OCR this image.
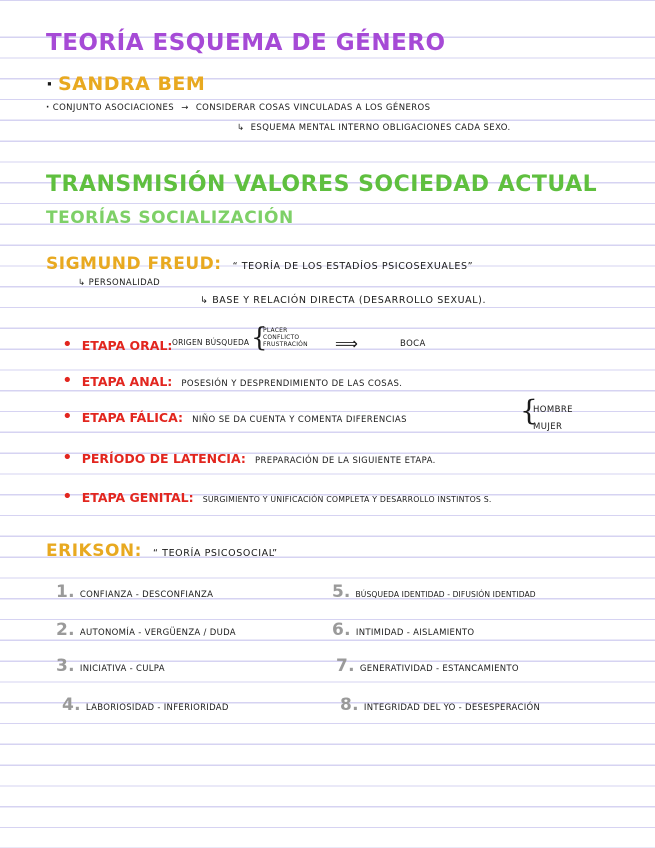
TEORÍA ESQUEMA DE GÉNERO
· SANDRA BEM
· CONJUNTO ASOCIACIONES → CONSIDERAR COSAS VINCULADAS A LOS GÉNEROS
↳ ESQUEMA MENTAL INTERNO OBLIGACIONES CADA SEXO.
TRANSMISIÓN VALORES SOCIEDAD ACTUAL
TEORÍAS SOCIALIZACIÓN
SIGMUND FREUD: “ TEORÍA DE LOS ESTADÍOS PSICOSEXUALES”
↳ PERSONALIDAD
↳ BASE Y RELACIÓN DIRECTA (DESARROLLO SEXUAL).
• ETAPA ORAL: ORIGEN BÚSQUEDA {
PLACER
CONFLICTO
FRUSTRACIÓN ⟹	BOCA
• ETAPA ANAL: POSESIÓN Y DESPRENDIMIENTO DE LAS COSAS.
• ETAPA FÁLICA: NIÑO SE DA CUENTA Y COMENTA DIFERENCIAS	{
HOMBRE
MUJER
• PERÍODO DE LATENCIA: PREPARACIÓN DE LA SIGUIENTE ETAPA.
• ETAPA GENITAL: SURGIMIENTO Y UNIFICACIÓN COMPLETA Y DESARROLLO INSTINTOS S.
ERIKSON: “ TEORÍA PSICOSOCIAL”
1. CONFIANZA - DESCONFIANZA
2. AUTONOMÍA - VERGÜENZA / DUDA
3. INICIATIVA - CULPA
4. LABORIOSIDAD - INFERIORIDAD
5. BÚSQUEDA IDENTIDAD - DIFUSIÓN IDENTIDAD
6. INTIMIDAD - AISLAMIENTO
7. GENERATIVIDAD - ESTANCAMIENTO
8. INTEGRIDAD DEL YO - DESESPERACIÓN
